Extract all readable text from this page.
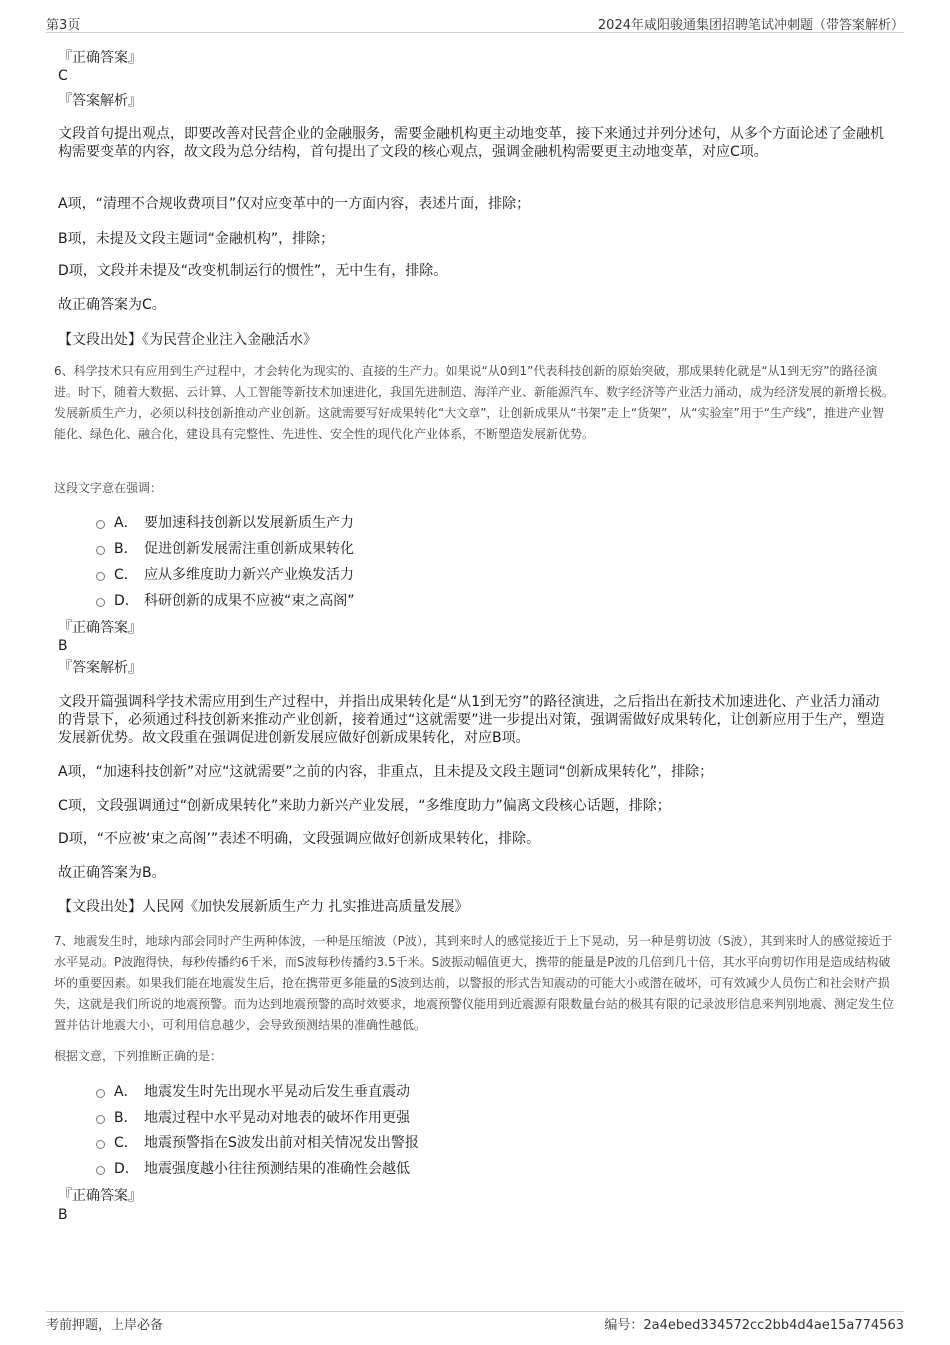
第3页	2024年咸阳骏通集团招聘笔试冲刺题（带答案解析）
『正确答案』
C
『答案解析』
文段首句提出观点，即要改善对民营企业的金融服务，需要金融机构更主动地变革，接下来通过并列分述句，从多个方面论述了金融机构需要变革的内容，故文段为总分结构，首句提出了文段的核心观点，强调金融机构需要更主动地变革，对应C项。
A项，“清理不合规收费项目”仅对应变革中的一方面内容，表述片面，排除；
B项，未提及文段主题词“金融机构”，排除；
D项，文段并未提及“改变机制运行的惯性”，无中生有，排除。
故正确答案为C。
【文段出处】《为民营企业注入金融活水》
6、科学技术只有应用到生产过程中，才会转化为现实的、直接的生产力。如果说“从0到1”代表科技创新的原始突破，那成果转化就是“从1到无穷”的路径演进。时下，随着大数据、云计算、人工智能等新技术加速进化，我国先进制造、海洋产业、新能源汽车、数字经济等产业活力涌动，成为经济发展的新增长极。发展新质生产力，必须以科技创新推动产业创新。这就需要写好成果转化“大文章”，让创新成果从“书架”走上“货架”，从“实验室”用于“生产线”，推进产业智能化、绿色化、融合化，建设具有完整性、先进性、安全性的现代化产业体系，不断塑造发展新优势。
这段文字意在强调：
A． 要加速科技创新以发展新质生产力
B． 促进创新发展需注重创新成果转化
C． 应从多维度助力新兴产业焕发活力
D． 科研创新的成果不应被“束之高阁”
『正确答案』
B
『答案解析』
文段开篇强调科学技术需应用到生产过程中，并指出成果转化是“从1到无穷”的路径演进，之后指出在新技术加速进化、产业活力涌动的背景下，必须通过科技创新来推动产业创新，接着通过“这就需要”进一步提出对策，强调需做好成果转化，让创新应用于生产，塑造发展新优势。故文段重在强调促进创新发展应做好创新成果转化，对应B项。
A项，“加速科技创新”对应“这就需要”之前的内容，非重点，且未提及文段主题词“创新成果转化”，排除；
C项，文段强调通过“创新成果转化”来助力新兴产业发展，“多维度助力”偏离文段核心话题，排除；
D项，“不应被‘束之高阁’”表述不明确，文段强调应做好创新成果转化，排除。
故正确答案为B。
【文段出处】人民网《加快发展新质生产力 扎实推进高质量发展》
7、地震发生时，地球内部会同时产生两种体波，一种是压缩波（P波），其到来时人的感觉接近于上下晃动，另一种是剪切波（S波），其到来时人的感觉接近于水平晃动。P波跑得快，每秒传播约6千米，而S波每秒传播约3.5千米。S波振动幅值更大，携带的能量是P波的几倍到几十倍，其水平向剪切作用是造成结构破坏的重要因素。如果我们能在地震发生后，抢在携带更多能量的S波到达前，以警报的形式告知震动的可能大小或潜在破坏，可有效减少人员伤亡和社会财产损失，这就是我们所说的地震预警。而为达到地震预警的高时效要求，地震预警仪能用到近震源有限数量台站的极其有限的记录波形信息来判别地震、测定发生位置并估计地震大小，可利用信息越少，会导致预测结果的准确性越低。
根据文意，下列推断正确的是：
A． 地震发生时先出现水平晃动后发生垂直震动
B． 地震过程中水平晃动对地表的破坏作用更强
C． 地震预警指在S波发出前对相关情况发出警报
D． 地震强度越小往往预测结果的准确性会越低
『正确答案』
B
考前押题，上岸必备	编号：2a4ebed334572cc2bb4d4ae15a774563
